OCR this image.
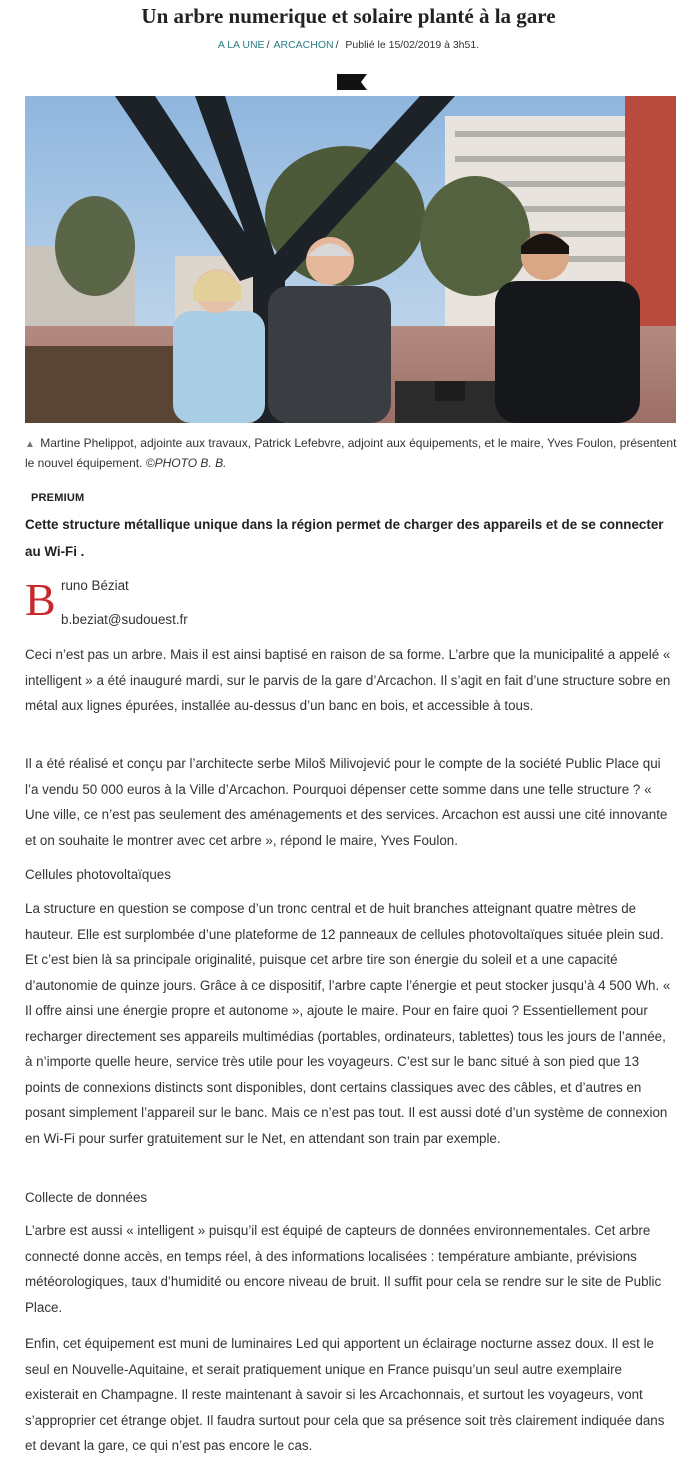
Un arbre numerique et solaire planté à la gare
A LA UNE / ARCACHON / Publié le 15/02/2019 à 3h51.
▲ Martine Phelippot, adjointe aux travaux, Patrick Lefebvre, adjoint aux équipements, et le maire, Yves Foulon, présentent le nouvel équipement. ©PHOTO B. B.
PREMIUM
Cette structure métallique unique dans la région permet de charger des appareils et de se connecter au Wi-Fi .
B runo Béziat
b.beziat@sudouest.fr

Ceci n’est pas un arbre. Mais il est ainsi baptisé en raison de sa forme. L’arbre que la municipalité a appelé « intelligent » a été inauguré mardi, sur le parvis de la gare d’Arcachon. Il s’agit en fait d’une structure sobre en métal aux lignes épurées, installée au-dessus d’un banc en bois, et accessible à tous.

Il a été réalisé et conçu par l’architecte serbe Miloš Milivojević pour le compte de la société Public Place qui l’a vendu 50 000 euros à la Ville d’Arcachon. Pourquoi dépenser cette somme dans une telle structure ? « Une ville, ce n’est pas seulement des aménagements et des services. Arcachon est aussi une cité innovante et on souhaite le montrer avec cet arbre », répond le maire, Yves Foulon.

Cellules photovoltaïques

La structure en question se compose d’un tronc central et de huit branches atteignant quatre mètres de hauteur. Elle est surplombée d’une plateforme de 12 panneaux de cellules photovoltaïques située plein sud. Et c’est bien là sa principale originalité, puisque cet arbre tire son énergie du soleil et a une capacité d’autonomie de quinze jours. Grâce à ce dispositif, l’arbre capte l’énergie et peut stocker jusqu’à 4 500 Wh. « Il offre ainsi une énergie propre et autonome », ajoute le maire. Pour en faire quoi ? Essentiellement pour recharger directement ses appareils multimédias (portables, ordinateurs, tablettes) tous les jours de l’année, à n’importe quelle heure, service très utile pour les voyageurs. C’est sur le banc situé à son pied que 13 points de connexions distincts sont disponibles, dont certains classiques avec des câbles, et d’autres en posant simplement l’appareil sur le banc. Mais ce n’est pas tout. Il est aussi doté d’un système de connexion en Wi-Fi pour surfer gratuitement sur le Net, en attendant son train par exemple.

Collecte de données

L’arbre est aussi « intelligent » puisqu’il est équipé de capteurs de données environnementales. Cet arbre connecté donne accès, en temps réel, à des informations localisées : température ambiante, prévisions météorologiques, taux d’humidité ou encore niveau de bruit. Il suffit pour cela se rendre sur le site de Public Place.

Enfin, cet équipement est muni de luminaires Led qui apportent un éclairage nocturne assez doux. Il est le seul en Nouvelle-Aquitaine, et serait pratiquement unique en France puisqu’un seul autre exemplaire existerait en Champagne. Il reste maintenant à savoir si les Arcachonnais, et surtout les voyageurs, vont s’approprier cet étrange objet. Il faudra surtout pour cela que sa présence soit très clairement indiquée dans et devant la gare, ce qui n’est pas encore le cas.
